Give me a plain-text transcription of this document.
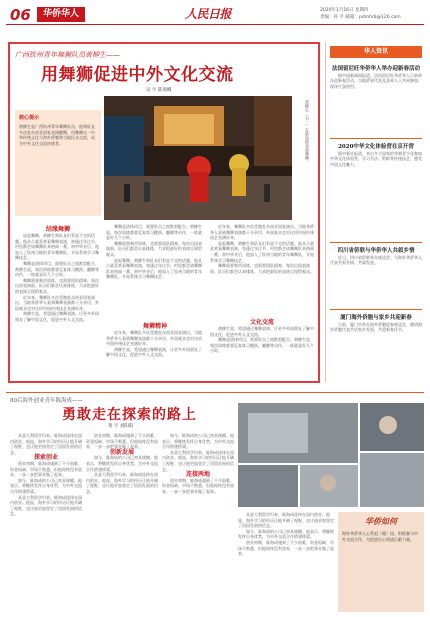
06	华侨华人	人民日报	2020年1月16日 星期四
责编：孙 平 邮箱：pdmhrb@126.com
广西钦州青年舞狮队员黄柳生——
用舞狮促进中外文化交流
吴 宇 陈瑞娜
核心提示
黄柳生是广西钦州青年舞狮队员，他和队友多次赴东南亚国家表演醒狮，用舞狮这一中华传统文化与海外侨胞和当地民众交流，成为中外文化交流的使者。	黄柳生（右一）在新加坡表演舞狮。
结缘舞狮

说起舞狮，黄柳生和队友们有说不完的话题。他从小就喜欢看舞狮表演，每逢过年过节，村里都会请舞狮队来热闹一番。初中毕业后，他加入了钦州当地的青年舞狮队，开始系统学习舞狮技艺。

舞狮是团体项目，需要队员之间默契配合。黄柳生说，每次训练都要反复练习跳跃、翻腾等动作，一练就是好几个小时。

舞狮需要刻苦训练，也需要团队精神。每次出国表演前，队员们都会认真排练，力求把最好的表演呈现给观众。

近年来，舞狮队多次受邀赴东南亚国家演出。当地华侨华人看到舞狮表演都十分亲切，外国观众也对这项中国传统技艺充满好奇。

黄柳生说，希望通过舞狮表演，让更多外国朋友了解中国文化，促进中外人文交流。

舞狮是团体项目，需要队员之间默契配合。黄柳生说，每次训练都要反复练习跳跃、翻腾等动作，一练就是好几个小时。

舞狮需要刻苦训练，也需要团队精神。每次出国表演前，队员们都会认真排练，力求把最好的表演呈现给观众。

说起舞狮，黄柳生和队友们有说不完的话题。他从小就喜欢看舞狮表演，每逢过年过节，村里都会请舞狮队来热闹一番。初中毕业后，他加入了钦州当地的青年舞狮队，开始系统学习舞狮技艺。

舞狮精神

近年来，舞狮队多次受邀赴东南亚国家演出。当地华侨华人看到舞狮表演都十分亲切，外国观众也对这项中国传统技艺充满好奇。

黄柳生说，希望通过舞狮表演，让更多外国朋友了解中国文化，促进中外人文交流。

近年来，舞狮队多次受邀赴东南亚国家演出。当地华侨华人看到舞狮表演都十分亲切，外国观众也对这项中国传统技艺充满好奇。

说起舞狮，黄柳生和队友们有说不完的话题。他从小就喜欢看舞狮表演，每逢过年过节，村里都会请舞狮队来热闹一番。初中毕业后，他加入了钦州当地的青年舞狮队，开始系统学习舞狮技艺。

舞狮需要刻苦训练，也需要团队精神。每次出国表演前，队员们都会认真排练，力求把最好的表演呈现给观众。

文化交流

黄柳生说，希望通过舞狮表演，让更多外国朋友了解中国文化，促进中外人文交流。

舞狮是团体项目，需要队员之间默契配合。黄柳生说，每次训练都要反复练习跳跃、翻腾等动作，一练就是好几个小时。

华人资讯
法国留尼旺华侨华人举办迎新春活动
据中国新闻网报道，法国留尼旺华侨华人日前举办迎新春活动，当地侨界代表及各界人士共同参加，现场气氛热烈。
2020中华文化体验营在京开营
据中新社报道，来自多个国家的华裔青少年参加中华文化体验营，学习书法、剪纸等传统技艺，感受中国文化魅力。
四川省侨联与华侨华人共叙乡情
近日，四川省侨联举办座谈会，与海外华侨华人代表共叙乡情，共谋发展。
厦门海外侨胞与家乡共迎新春
日前，厦门市举办海外侨胞迎春座谈会，邀请海外侨胞代表共话家乡发展，共迎新春佳节。
80后海外创业青年陈海成——
勇敢走在探索的路上
黄 宇 刘阳阳

从意大利留学归来，陈海成选择在国内创业。他说，海外学习的经历让他开阔了视野，也让他更加坚定了回国发展的信念。

探索创业

创业初期，陈海成遇到了不少困难，资金短缺、市场不熟悉，但他始终没有放弃，一步一步把事业做了起来。

如今，陈海成的公司已初具规模。他表示，将继续发挥自身优势，为中外交流合作搭建桥梁。

从意大利留学归来，陈海成选择在国内创业。他说，海外学习的经历让他开阔了视野，也让他更加坚定了回国发展的信念。

创业初期，陈海成遇到了不少困难，资金短缺、市场不熟悉，但他始终没有放弃，一步一步把事业做了起来。

创新发展

如今，陈海成的公司已初具规模。他表示，将继续发挥自身优势，为中外交流合作搭建桥梁。

从意大利留学归来，陈海成选择在国内创业。他说，海外学习的经历让他开阔了视野，也让他更加坚定了回国发展的信念。

如今，陈海成的公司已初具规模。他表示，将继续发挥自身优势，为中外交流合作搭建桥梁。

从意大利留学归来，陈海成选择在国内创业。他说，海外学习的经历让他开阔了视野，也让他更加坚定了回国发展的信念。

连接两地

创业初期，陈海成遇到了不少困难，资金短缺、市场不熟悉，但他始终没有放弃，一步一步把事业做了起来。

从意大利留学归来，陈海成选择在国内创业。他说，海外学习的经历让他开阔了视野，也让他更加坚定了回国发展的信念。

如今，陈海成的公司已初具规模。他表示，将继续发挥自身优势，为中外交流合作搭建桥梁。

创业初期，陈海成遇到了不少困难，资金短缺、市场不熟悉，但他始终没有放弃，一步一步把事业做了起来。

华侨如何
海外华侨华人心系祖（籍）国，积极参与中外交流合作，为促进民心相通贡献力量。
